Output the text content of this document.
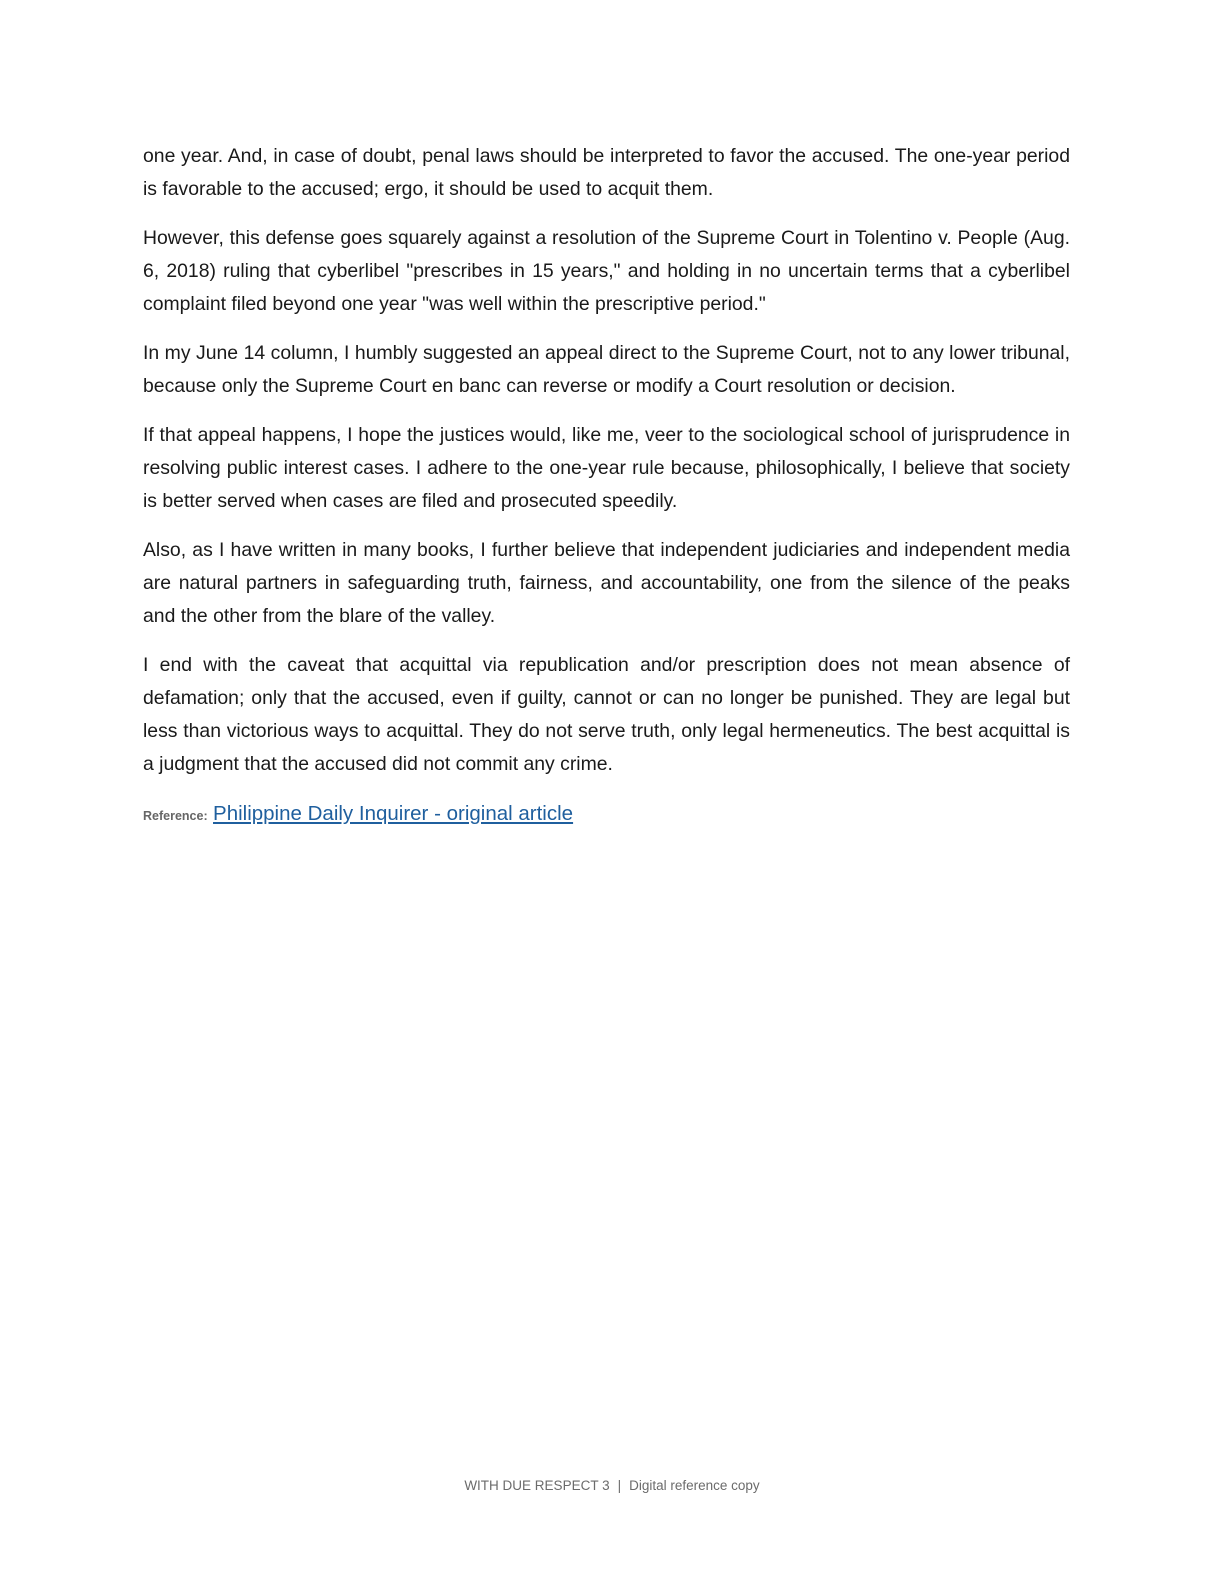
one year. And, in case of doubt, penal laws should be interpreted to favor the accused. The one-year period is favorable to the accused; ergo, it should be used to acquit them.

However, this defense goes squarely against a resolution of the Supreme Court in Tolentino v. People (Aug. 6, 2018) ruling that cyberlibel "prescribes in 15 years," and holding in no uncertain terms that a cyberlibel complaint filed beyond one year "was well within the prescriptive period."

In my June 14 column, I humbly suggested an appeal direct to the Supreme Court, not to any lower tribunal, because only the Supreme Court en banc can reverse or modify a Court resolution or decision.

If that appeal happens, I hope the justices would, like me, veer to the sociological school of jurisprudence in resolving public interest cases. I adhere to the one-year rule because, philosophically, I believe that society is better served when cases are filed and prosecuted speedily.

Also, as I have written in many books, I further believe that independent judiciaries and independent media are natural partners in safeguarding truth, fairness, and accountability, one from the silence of the peaks and the other from the blare of the valley.

I end with the caveat that acquittal via republication and/or prescription does not mean absence of defamation; only that the accused, even if guilty, cannot or can no longer be punished. They are legal but less than victorious ways to acquittal. They do not serve truth, only legal hermeneutics. The best acquittal is a judgment that the accused did not commit any crime.

Reference: Philippine Daily Inquirer - original article
WITH DUE RESPECT 3 | Digital reference copy
